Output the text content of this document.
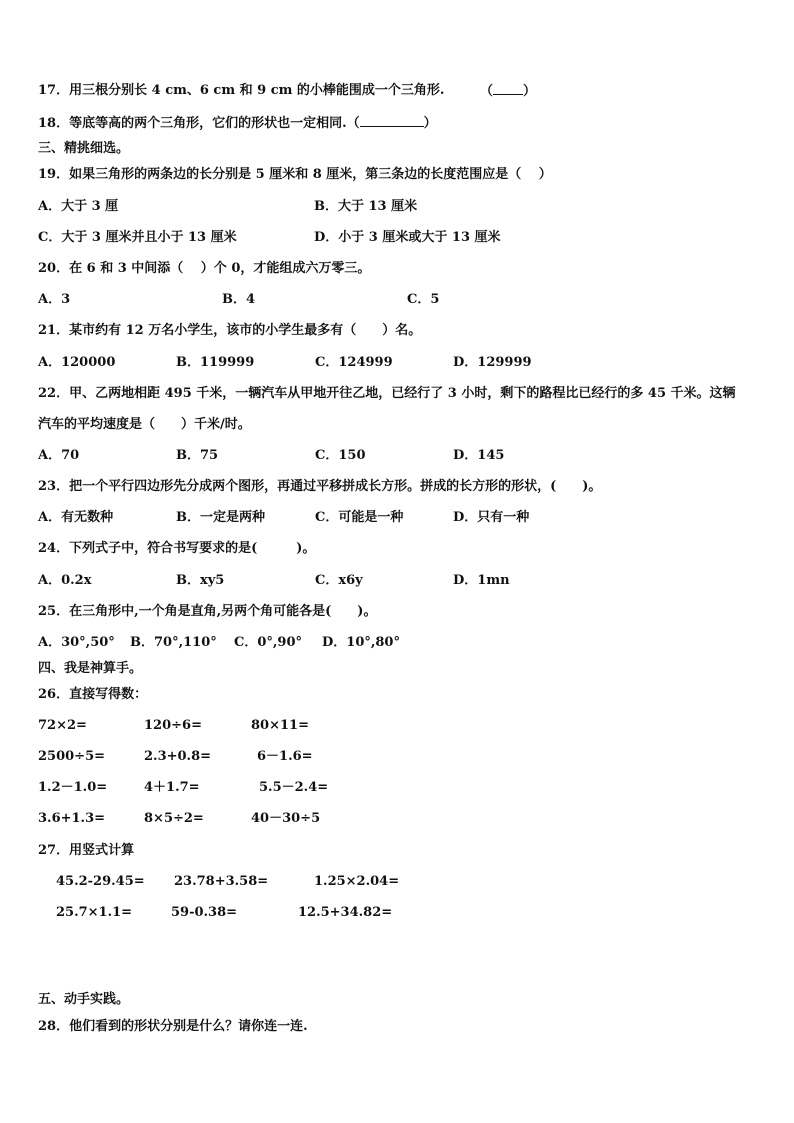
17．用三根分别长 4 cm、6 cm 和 9 cm 的小棒能围成一个三角形.	（ ）
18．等底等高的两个三角形，它们的形状也一定相同.（	）
三、精挑细选。
19．如果三角形的两条边的长分别是 5 厘米和 8 厘米，第三条边的长度范围应是（　 ）
A．大于 3 厘	B．大于 13 厘米
C．大于 3 厘米并且小于 13 厘米	D．小于 3 厘米或大于 13 厘米
20．在 6 和 3 中间添（　 ）个 0，才能组成六万零三。
A．3	B．4	C．5
21．某市约有 12 万名小学生，该市的小学生最多有（　　）名。
A．120000	B．119999	C．124999	D．129999
22．甲、乙两地相距 495 千米，一辆汽车从甲地开往乙地，已经行了 3 小时，剩下的路程比已经行的多 45 千米。这辆
汽车的平均速度是（　　）千米/时。
A．70	B．75	C．150	D．145
23．把一个平行四边形先分成两个图形，再通过平移拼成长方形。拼成的长方形的形状，(　　)。
A．有无数种	B．一定是两种	C．可能是一种	D．只有一种
24．下列式子中，符合书写要求的是(　　　)。
A．0.2x	B．xy5	C．x6y	D．1mn
25．在三角形中,一个角是直角,另两个角可能各是(　　)。
A．30°,50° B．70°,110° C．0°,90° D．10°,80°
四、我是神算手。
26．直接写得数：
72×2=	120÷6=	80×11=
2500÷5=	2.3+0.8=	6－1.6=
1.2－1.0=	4＋1.7=	5.5－2.4=
3.6+1.3=	8×5÷2=	40－30÷5
27．用竖式计算
45.2-29.45= 23.78+3.58=	1.25×2.04=
25.7×1.1=	59-0.38=	12.5+34.82=
五、动手实践。
28．他们看到的形状分别是什么？请你连一连.
